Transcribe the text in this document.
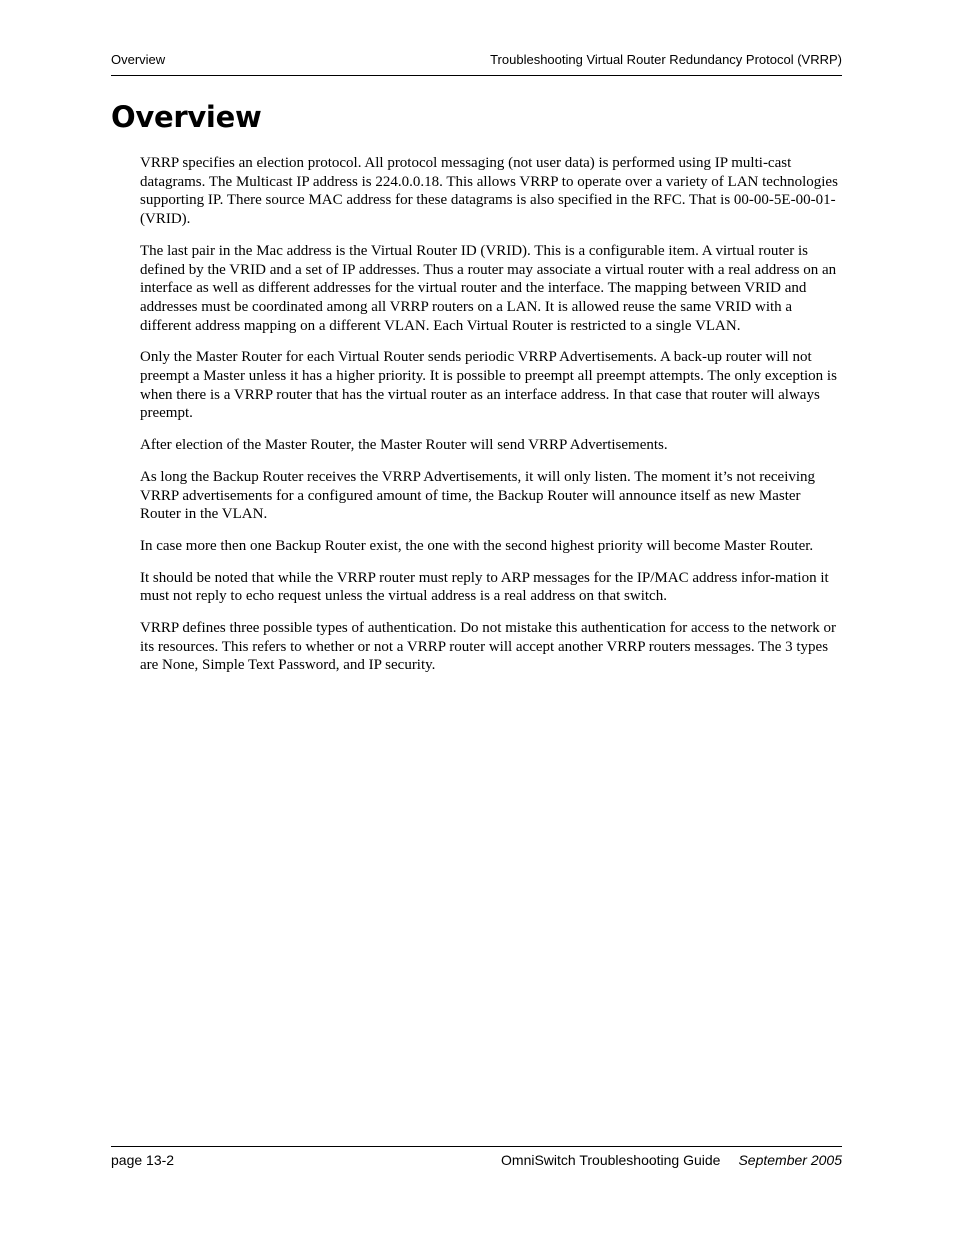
Overview	Troubleshooting Virtual Router Redundancy Protocol (VRRP)
Overview

VRRP specifies an election protocol. All protocol messaging (not user data) is performed using IP multi-cast datagrams. The Multicast IP address is 224.0.0.18. This allows VRRP to operate over a variety of LAN technologies supporting IP. There source MAC address for these datagrams is also specified in the RFC. That is 00-00-5E-00-01-(VRID).

The last pair in the Mac address is the Virtual Router ID (VRID). This is a configurable item. A virtual router is defined by the VRID and a set of IP addresses. Thus a router may associate a virtual router with a real address on an interface as well as different addresses for the virtual router and the interface. The mapping between VRID and addresses must be coordinated among all VRRP routers on a LAN. It is allowed reuse the same VRID with a different address mapping on a different VLAN. Each Virtual Router is restricted to a single VLAN.

Only the Master Router for each Virtual Router sends periodic VRRP Advertisements. A back-up router will not preempt a Master unless it has a higher priority. It is possible to preempt all preempt attempts. The only exception is when there is a VRRP router that has the virtual router as an interface address. In that case that router will always preempt.

After election of the Master Router, the Master Router will send VRRP Advertisements.

As long the Backup Router receives the VRRP Advertisements, it will only listen. The moment it’s not receiving VRRP advertisements for a configured amount of time, the Backup Router will announce itself as new Master Router in the VLAN.

In case more then one Backup Router exist, the one with the second highest priority will become Master Router.

It should be noted that while the VRRP router must reply to ARP messages for the IP/MAC address infor-mation it must not reply to echo request unless the virtual address is a real address on that switch.

VRRP defines three possible types of authentication. Do not mistake this authentication for access to the network or its resources. This refers to whether or not a VRRP router will accept another VRRP routers messages. The 3 types are None, Simple Text Password, and IP security.

page 13-2	OmniSwitch Troubleshooting Guide September 2005
